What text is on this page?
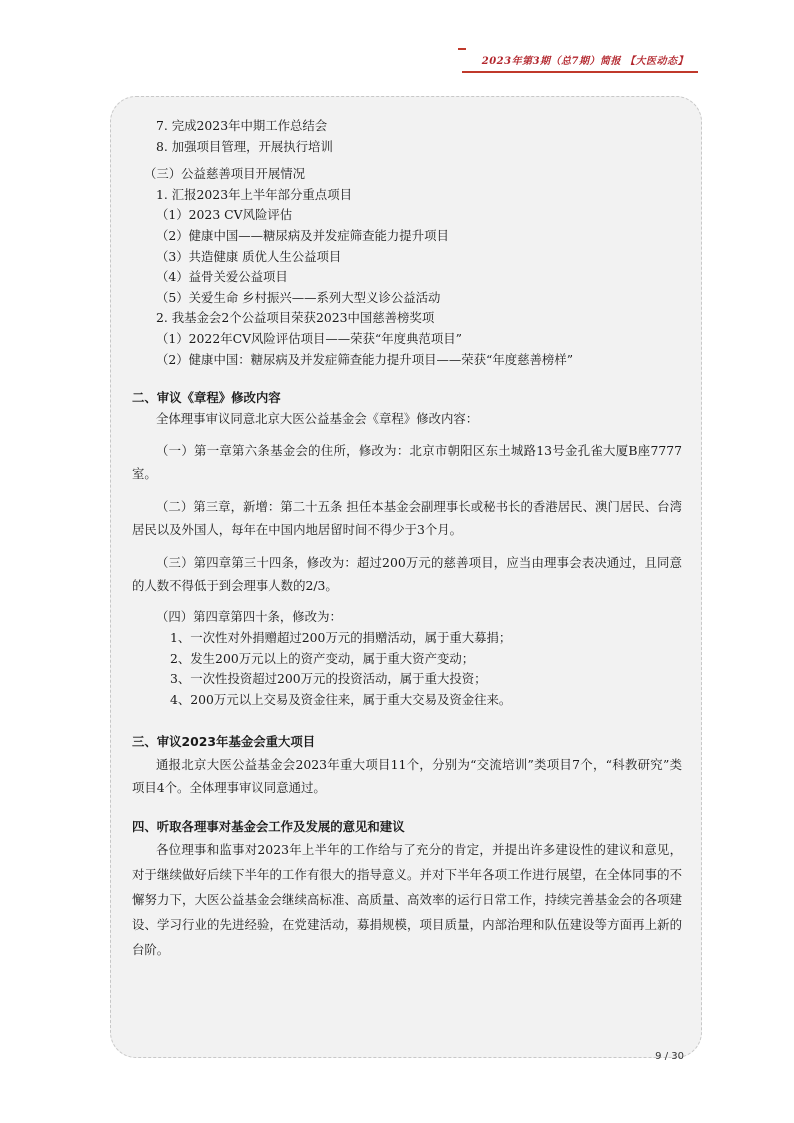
2023年第3期（总7期）简报 【大医动态】

7. 完成2023年中期工作总结会

8. 加强项目管理，开展执行培训

（三）公益慈善项目开展情况

1. 汇报2023年上半年部分重点项目

（1）2023 CV风险评估

（2）健康中国——糖尿病及并发症筛查能力提升项目

（3）共造健康 质优人生公益项目

（4）益骨关爱公益项目

（5）关爱生命 乡村振兴——系列大型义诊公益活动

2. 我基金会2个公益项目荣获2023中国慈善榜奖项

（1）2022年CV风险评估项目——荣获“年度典范项目”

（2）健康中国：糖尿病及并发症筛查能力提升项目——荣获“年度慈善榜样”

二、审议《章程》修改内容

全体理事审议同意北京大医公益基金会《章程》修改内容：

（一）第一章第六条基金会的住所，修改为：北京市朝阳区东土城路13号金孔雀大厦B座7777室。

（二）第三章，新增：第二十五条 担任本基金会副理事长或秘书长的香港居民、澳门居民、台湾居民以及外国人，每年在中国内地居留时间不得少于3个月。

（三）第四章第三十四条，修改为：超过200万元的慈善项目，应当由理事会表决通过，且同意的人数不得低于到会理事人数的2/3。

（四）第四章第四十条，修改为：

1、一次性对外捐赠超过200万元的捐赠活动，属于重大募捐；

2、发生200万元以上的资产变动，属于重大资产变动；

3、一次性投资超过200万元的投资活动，属于重大投资；

4、200万元以上交易及资金往来，属于重大交易及资金往来。

三、审议2023年基金会重大项目

通报北京大医公益基金会2023年重大项目11个，分别为“交流培训”类项目7个，“科教研究”类项目4个。全体理事审议同意通过。

四、听取各理事对基金会工作及发展的意见和建议

各位理事和监事对2023年上半年的工作给与了充分的肯定，并提出许多建设性的建议和意见，对于继续做好后续下半年的工作有很大的指导意义。并对下半年各项工作进行展望，在全体同事的不懈努力下，大医公益基金会继续高标准、高质量、高效率的运行日常工作，持续完善基金会的各项建设、学习行业的先进经验，在党建活动，募捐规模，项目质量，内部治理和队伍建设等方面再上新的台阶。

9 / 30
